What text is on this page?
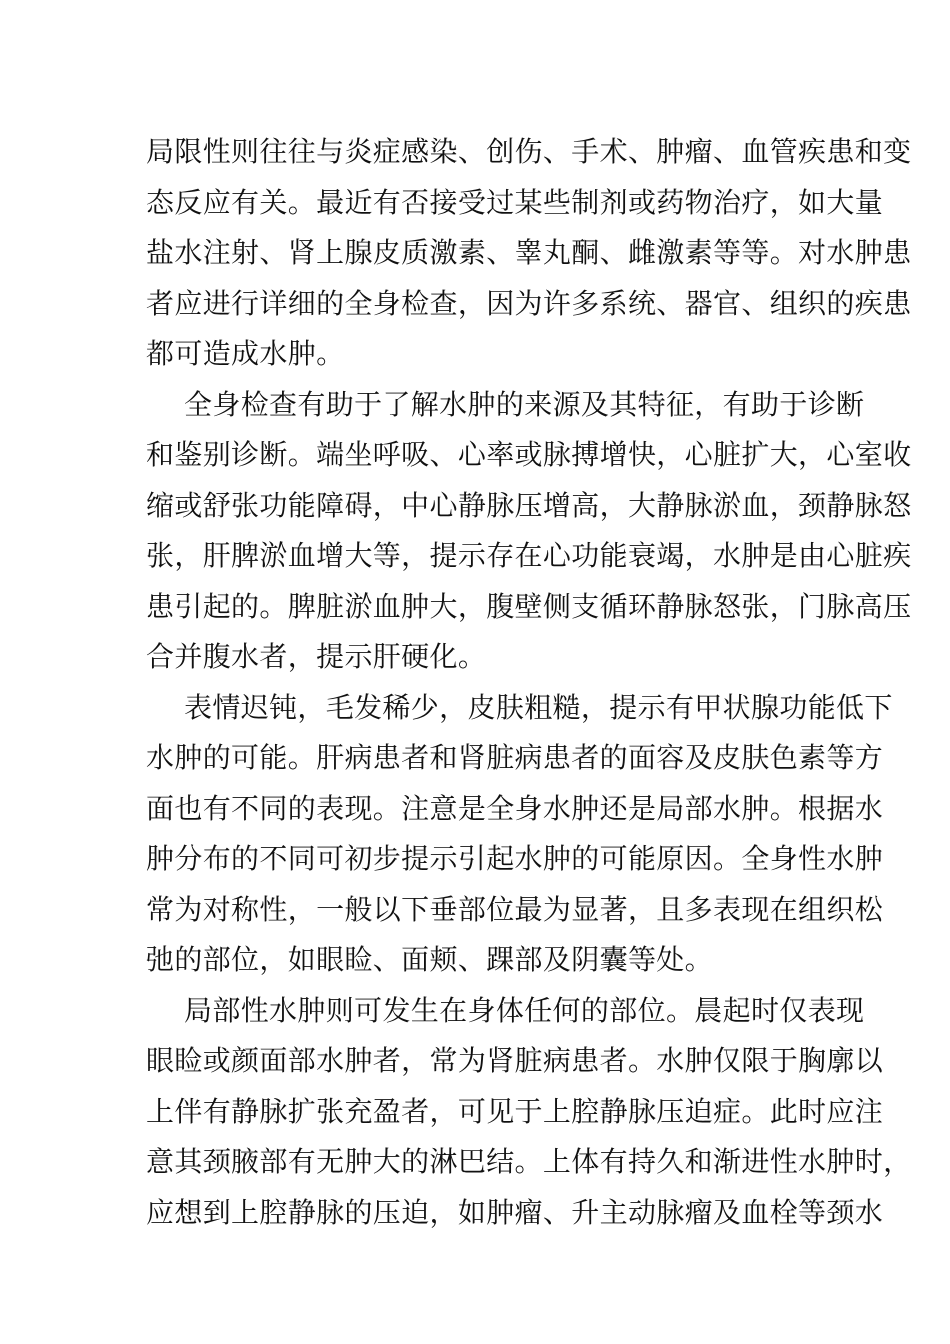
局限性则往往与炎症感染、创伤、手术、肿瘤、血管疾患和变
态反应有关。最近有否接受过某些制剂或药物治疗，如大量
盐水注射、肾上腺皮质激素、睾丸酮、雌激素等等。对水肿患
者应进行详细的全身检查，因为许多系统、器官、组织的疾患
都可造成水肿。
全身检查有助于了解水肿的来源及其特征，有助于诊断
和鉴别诊断。端坐呼吸、心率或脉搏增快，心脏扩大，心室收
缩或舒张功能障碍，中心静脉压增高，大静脉淤血，颈静脉怒
张，肝脾淤血增大等，提示存在心功能衰竭，水肿是由心脏疾
患引起的。脾脏淤血肿大，腹壁侧支循环静脉怒张，门脉高压
合并腹水者，提示肝硬化。
表情迟钝，毛发稀少，皮肤粗糙，提示有甲状腺功能低下
水肿的可能。肝病患者和肾脏病患者的面容及皮肤色素等方
面也有不同的表现。注意是全身水肿还是局部水肿。根据水
肿分布的不同可初步提示引起水肿的可能原因。全身性水肿
常为对称性，一般以下垂部位最为显著，且多表现在组织松
弛的部位，如眼睑、面颊、踝部及阴囊等处。
局部性水肿则可发生在身体任何的部位。晨起时仅表现
眼睑或颜面部水肿者，常为肾脏病患者。水肿仅限于胸廓以
上伴有静脉扩张充盈者，可见于上腔静脉压迫症。此时应注
意其颈腋部有无肿大的淋巴结。上体有持久和渐进性水肿时，
应想到上腔静脉的压迫，如肿瘤、升主动脉瘤及血栓等颈水
